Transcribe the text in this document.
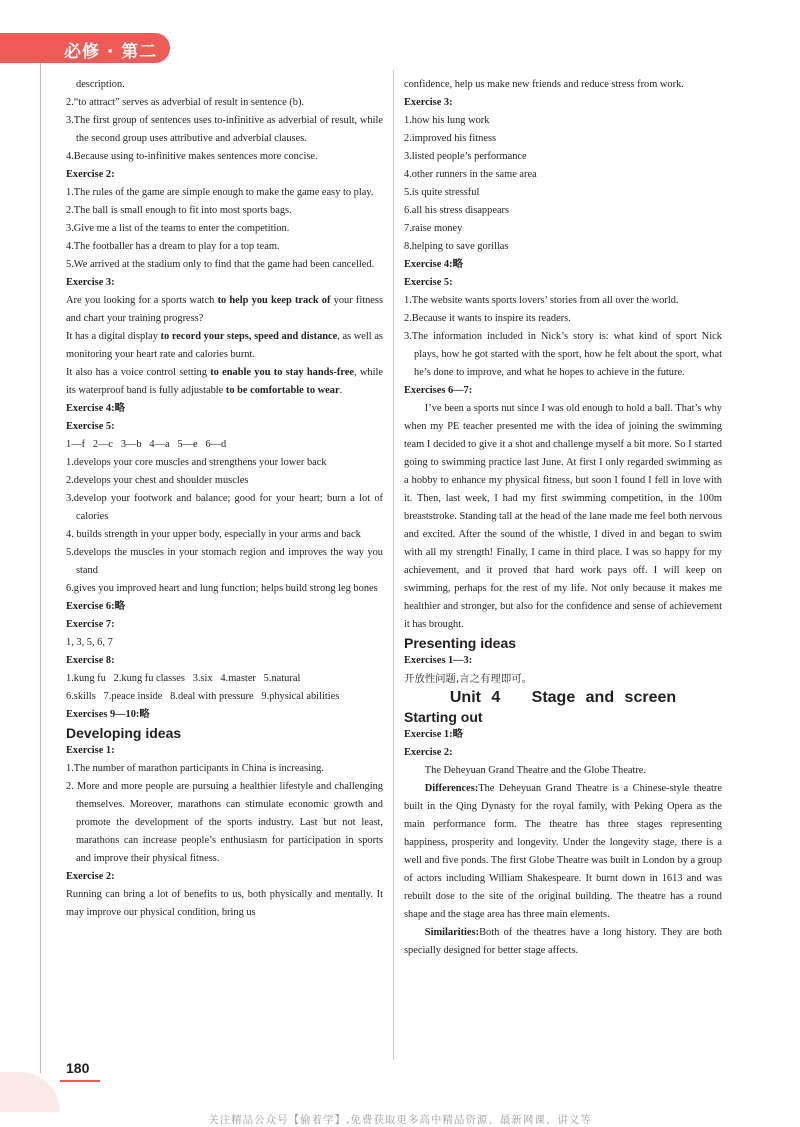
必修 · 第二册

description.

2.“to attract” serves as adverbial of result in sentence (b).

3.The first group of sentences uses to-infinitive as adverbial of result, while the second group uses attributive and adverbial clauses.

4.Because using to-infinitive makes sentences more concise.

Exercise 2:

1.The rules of the game are simple enough to make the game easy to play.

2.The ball is small enough to fit into most sports bags.

3.Give me a list of the teams to enter the competition.

4.The footballer has a dream to play for a top team.

5.We arrived at the stadium only to find that the game had been cancelled.

Exercise 3:

Are you looking for a sports watch to help you keep track of your fitness and chart your training progress?

It has a digital display to record your steps, speed and distance, as well as monitoring your heart rate and calories burnt.

It also has a voice control setting to enable you to stay hands-free, while its waterproof band is fully adjustable to be comfortable to wear.

Exercise 4:略

Exercise 5:

1—f   2—c   3—b   4—a   5—e   6—d

1.develops your core muscles and strengthens your lower back

2.develops your chest and shoulder muscles

3.develop your footwork and balance; good for your heart; burn a lot of calories

4. builds strength in your upper body, especially in your arms and back

5.develops the muscles in your stomach region and improves the way you stand

6.gives you improved heart and lung function; helps build strong leg bones

Exercise 6:略

Exercise 7:

1, 3, 5, 6, 7

Exercise 8:

1.kung fu   2.kung fu classes   3.six   4.master   5.natural

6.skills   7.peace inside   8.deal with pressure   9.physical abilities

Exercises 9—10:略

Developing ideas

Exercise 1:

1.The number of marathon participants in China is increasing.

2. More and more people are pursuing a healthier lifestyle and challenging themselves. Moreover, marathons can stimulate economic growth and promote the development of the sports industry. Last but not least, marathons can increase people’s enthusiasm for participation in sports and improve their physical fitness.

Exercise 2:

Running can bring a lot of benefits to us, both physically and mentally. It may improve our physical condition, bring us

confidence, help us make new friends and reduce stress from work.

Exercise 3:

1.how his lung work

2.improved his fitness

3.listed people’s performance

4.other runners in the same area

5.is quite stressful

6.all his stress disappears

7.raise money

8.helping to save gorillas

Exercise 4:略

Exercise 5:

1.The website wants sports lovers’ stories from all over the world.

2.Because it wants to inspire its readers.

3.The information included in Nick’s story is: what kind of sport Nick plays, how he got started with the sport, how he felt about the sport, what he’s done to improve, and what he hopes to achieve in the future.

Exercises 6—7:

I’ve been a sports nut since I was old enough to hold a ball. That’s why when my PE teacher presented me with the idea of joining the swimming team I decided to give it a shot and challenge myself a bit more. So I started going to swimming practice last June. At first I only regarded swimming as a hobby to enhance my physical fitness, but soon I found I fell in love with it. Then, last week, I had my first swimming competition, in the 100m breaststroke. Standing tall at the head of the lane made me feel both nervous and excited. After the sound of the whistle, I dived in and began to swim with all my strength! Finally, I came in third place. I was so happy for my achievement, and it proved that hard work pays off. I will keep on swimming, perhaps for the rest of my life. Not only because it makes me healthier and stronger, but also for the confidence and sense of achievement it has brought.

Presenting ideas

Exercises 1—3:

开放性问题,言之有理即可。

Unit 4   Stage and screen

Starting out

Exercise 1:略

Exercise 2:

The Deheyuan Grand Theatre and the Globe Theatre.

Differences:The Deheyuan Grand Theatre is a Chinese-style theatre built in the Qing Dynasty for the royal family, with Peking Opera as the main performance form. The theatre has three stages representing happiness, prosperity and longevity. Under the longevity stage, there is a well and five ponds. The first Globe Theatre was built in London by a group of actors including William Shakespeare. It burnt down in 1613 and was rebuilt dose to the site of the original building. The theatre has a round shape and the stage area has three main elements.

Similarities:Both of the theatres have a long history. They are both specially designed for better stage affects.

180
关注精品公众号【偷着学】,免费获取更多高中精品资源、最新网课、讲义等
